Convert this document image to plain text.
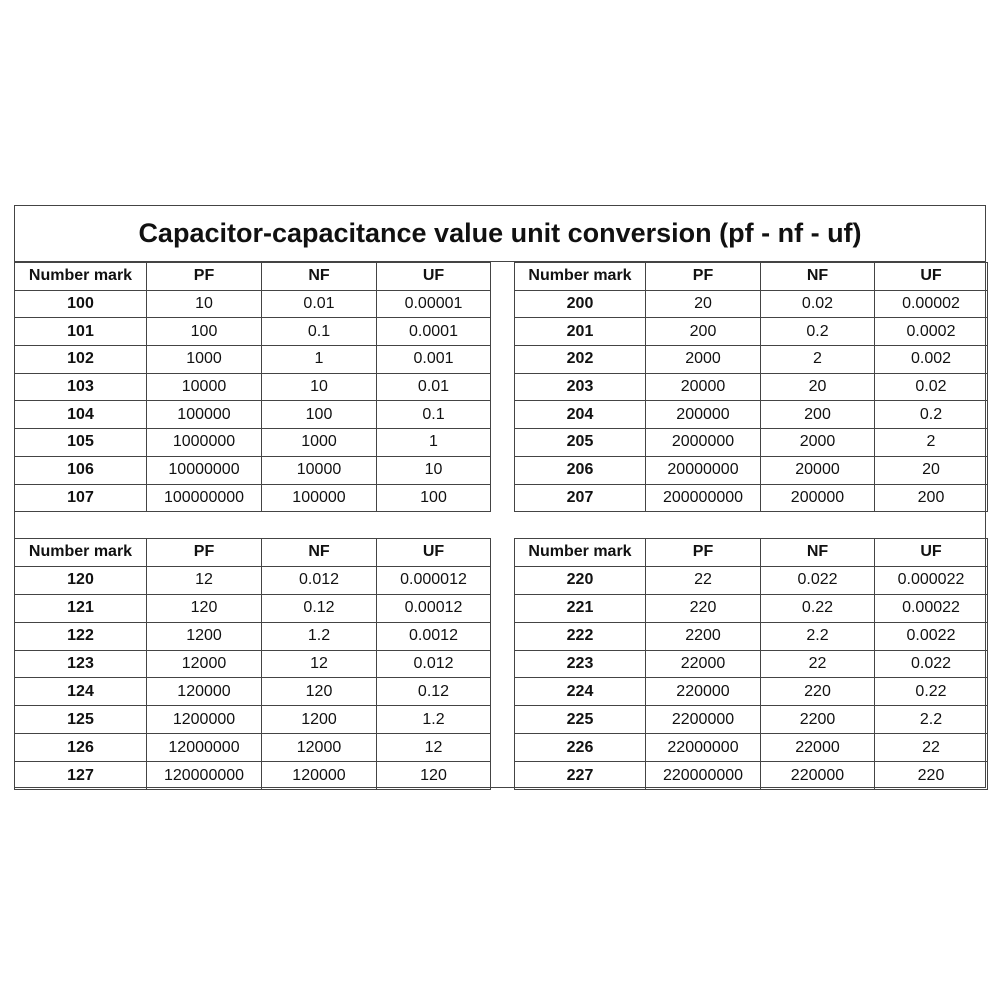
Capacitor-capacitance value unit conversion (pf - nf - uf)
Number mark	PF	NF	UF
100	10	0.01	0.00001
101	100	0.1	0.0001
102	1000	1	0.001
103	10000	10	0.01
104	100000	100	0.1
105	1000000	1000	1
106	10000000	10000	10
107	100000000	100000	100
Number mark	PF	NF	UF
200	20	0.02	0.00002
201	200	0.2	0.0002
202	2000	2	0.002
203	20000	20	0.02
204	200000	200	0.2
205	2000000	2000	2
206	20000000	20000	20
207	200000000	200000	200
Number mark	PF	NF	UF
120	12	0.012	0.000012
121	120	0.12	0.00012
122	1200	1.2	0.0012
123	12000	12	0.012
124	120000	120	0.12
125	1200000	1200	1.2
126	12000000	12000	12
127	120000000	120000	120
Number mark	PF	NF	UF
220	22	0.022	0.000022
221	220	0.22	0.00022
222	2200	2.2	0.0022
223	22000	22	0.022
224	220000	220	0.22
225	2200000	2200	2.2
226	22000000	22000	22
227	220000000	220000	220
